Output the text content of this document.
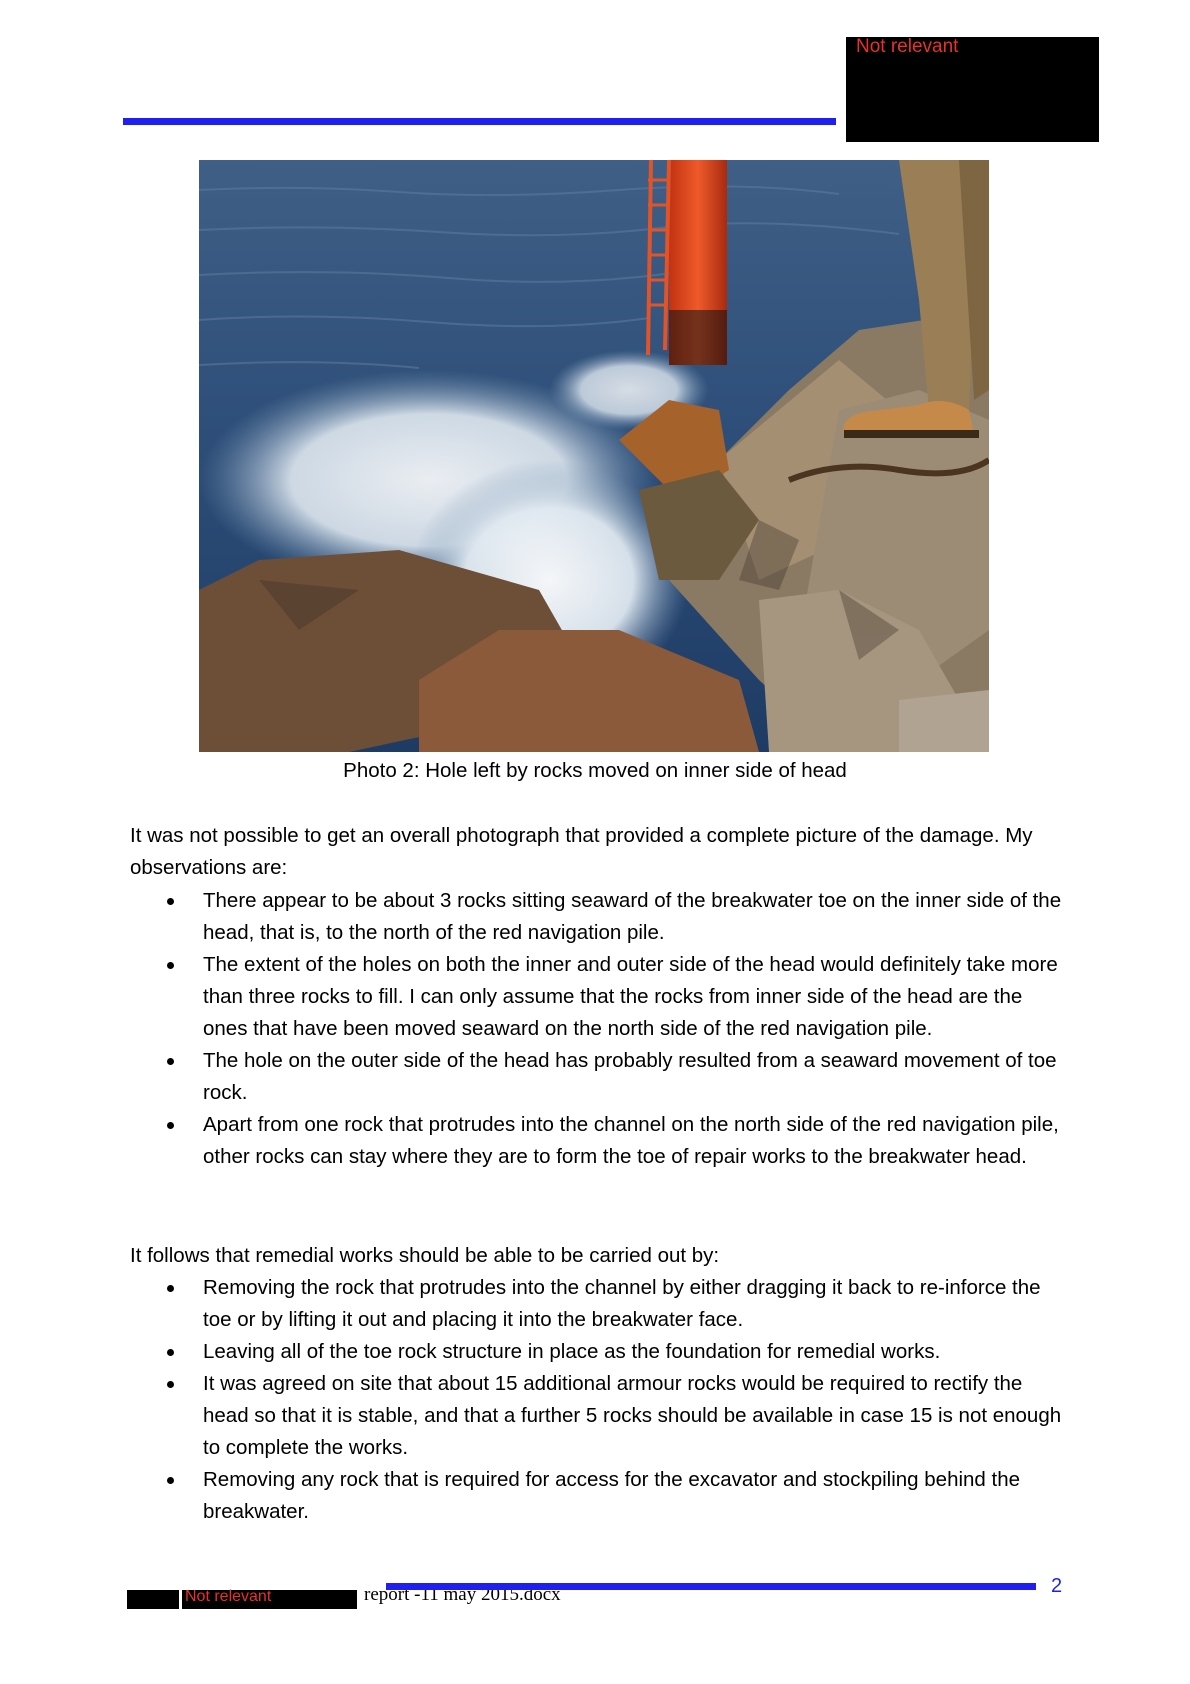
Not relevant
Photo 2: Hole left by rocks moved on inner side of head
It was not possible to get an overall photograph that provided a complete picture of the damage. My observations are:
There appear to be about 3 rocks sitting seaward of the breakwater toe on the inner side of the head, that is, to the north of the red navigation pile.
The extent of the holes on both the inner and outer side of the head would definitely take more than three rocks to fill. I can only assume that the rocks from inner side of the head are the ones that have been moved seaward on the north side of the red navigation pile.
The hole on the outer side of the head has probably resulted from a seaward movement of toe rock.
Apart from one rock that protrudes into the channel on the north side of the red navigation pile, other rocks can stay where they are to form the toe of repair works to the breakwater head.
It follows that remedial works should be able to be carried out by:
Removing the rock that protrudes into the channel by either dragging it back to re-inforce the toe or by lifting it out and placing it into the breakwater face.
Leaving all of the toe rock structure in place as the foundation for remedial works.
It was agreed on site that about 15 additional armour rocks would be required to rectify the head so that it is stable, and that a further 5 rocks should be available in case 15 is not enough to complete the works.
Removing any rock that is required for access for the excavator and stockpiling behind the breakwater.
Not relevant	report -11 may 2015.docx	2
